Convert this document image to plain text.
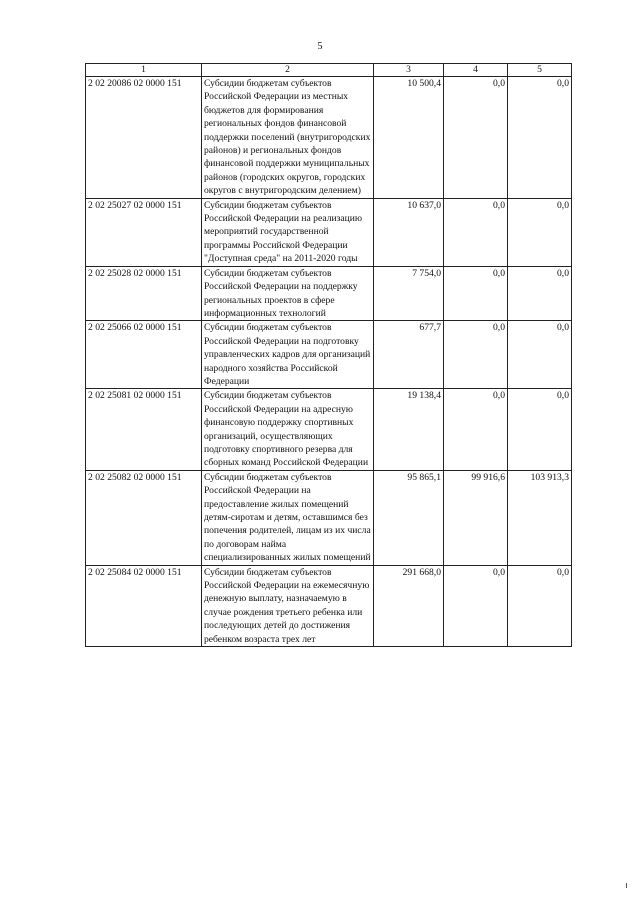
5
1	2	3	4	5
2 02 20086 02 0000 151	Субсидии бюджетам субъектов Российской Федерации из местных бюджетов для формирования региональных фондов финансовой поддержки поселений (внутригородских районов) и региональных фондов финансовой поддержки муниципальных районов (городских округов, городских округов с внутригородским делением)	10 500,4	0,0	0,0
2 02 25027 02 0000 151	Субсидии бюджетам субъектов Российской Федерации на реализацию мероприятий государственной программы Российской Федерации "Доступная среда" на 2011-2020 годы	10 637,0	0,0	0,0
2 02 25028 02 0000 151	Субсидии бюджетам субъектов Российской Федерации на поддержку региональных проектов в сфере информационных технологий	7 754,0	0,0	0,0
2 02 25066 02 0000 151	Субсидии бюджетам субъектов Российской Федерации на подготовку управленческих кадров для организаций народного хозяйства Российской Федерации	677,7	0,0	0,0
2 02 25081 02 0000 151	Субсидии бюджетам субъектов Российской Федерации на адресную финансовую поддержку спортивных организаций, осуществляющих подготовку спортивного резерва для сборных команд Российской Федерации	19 138,4	0,0	0,0
2 02 25082 02 0000 151	Субсидии бюджетам субъектов Российской Федерации на предоставление жилых помещений детям-сиротам и детям, оставшимся без попечения родителей, лицам из их числа по договорам найма специализированных жилых помещений	95 865,1	99 916,6	103 913,3
2 02 25084 02 0000 151	Субсидии бюджетам субъектов Российской Федерации на ежемесячную денежную выплату, назначаемую в случае рождения третьего ребенка или последующих детей до достижения ребенком возраста трех лет	291 668,0	0,0	0,0
